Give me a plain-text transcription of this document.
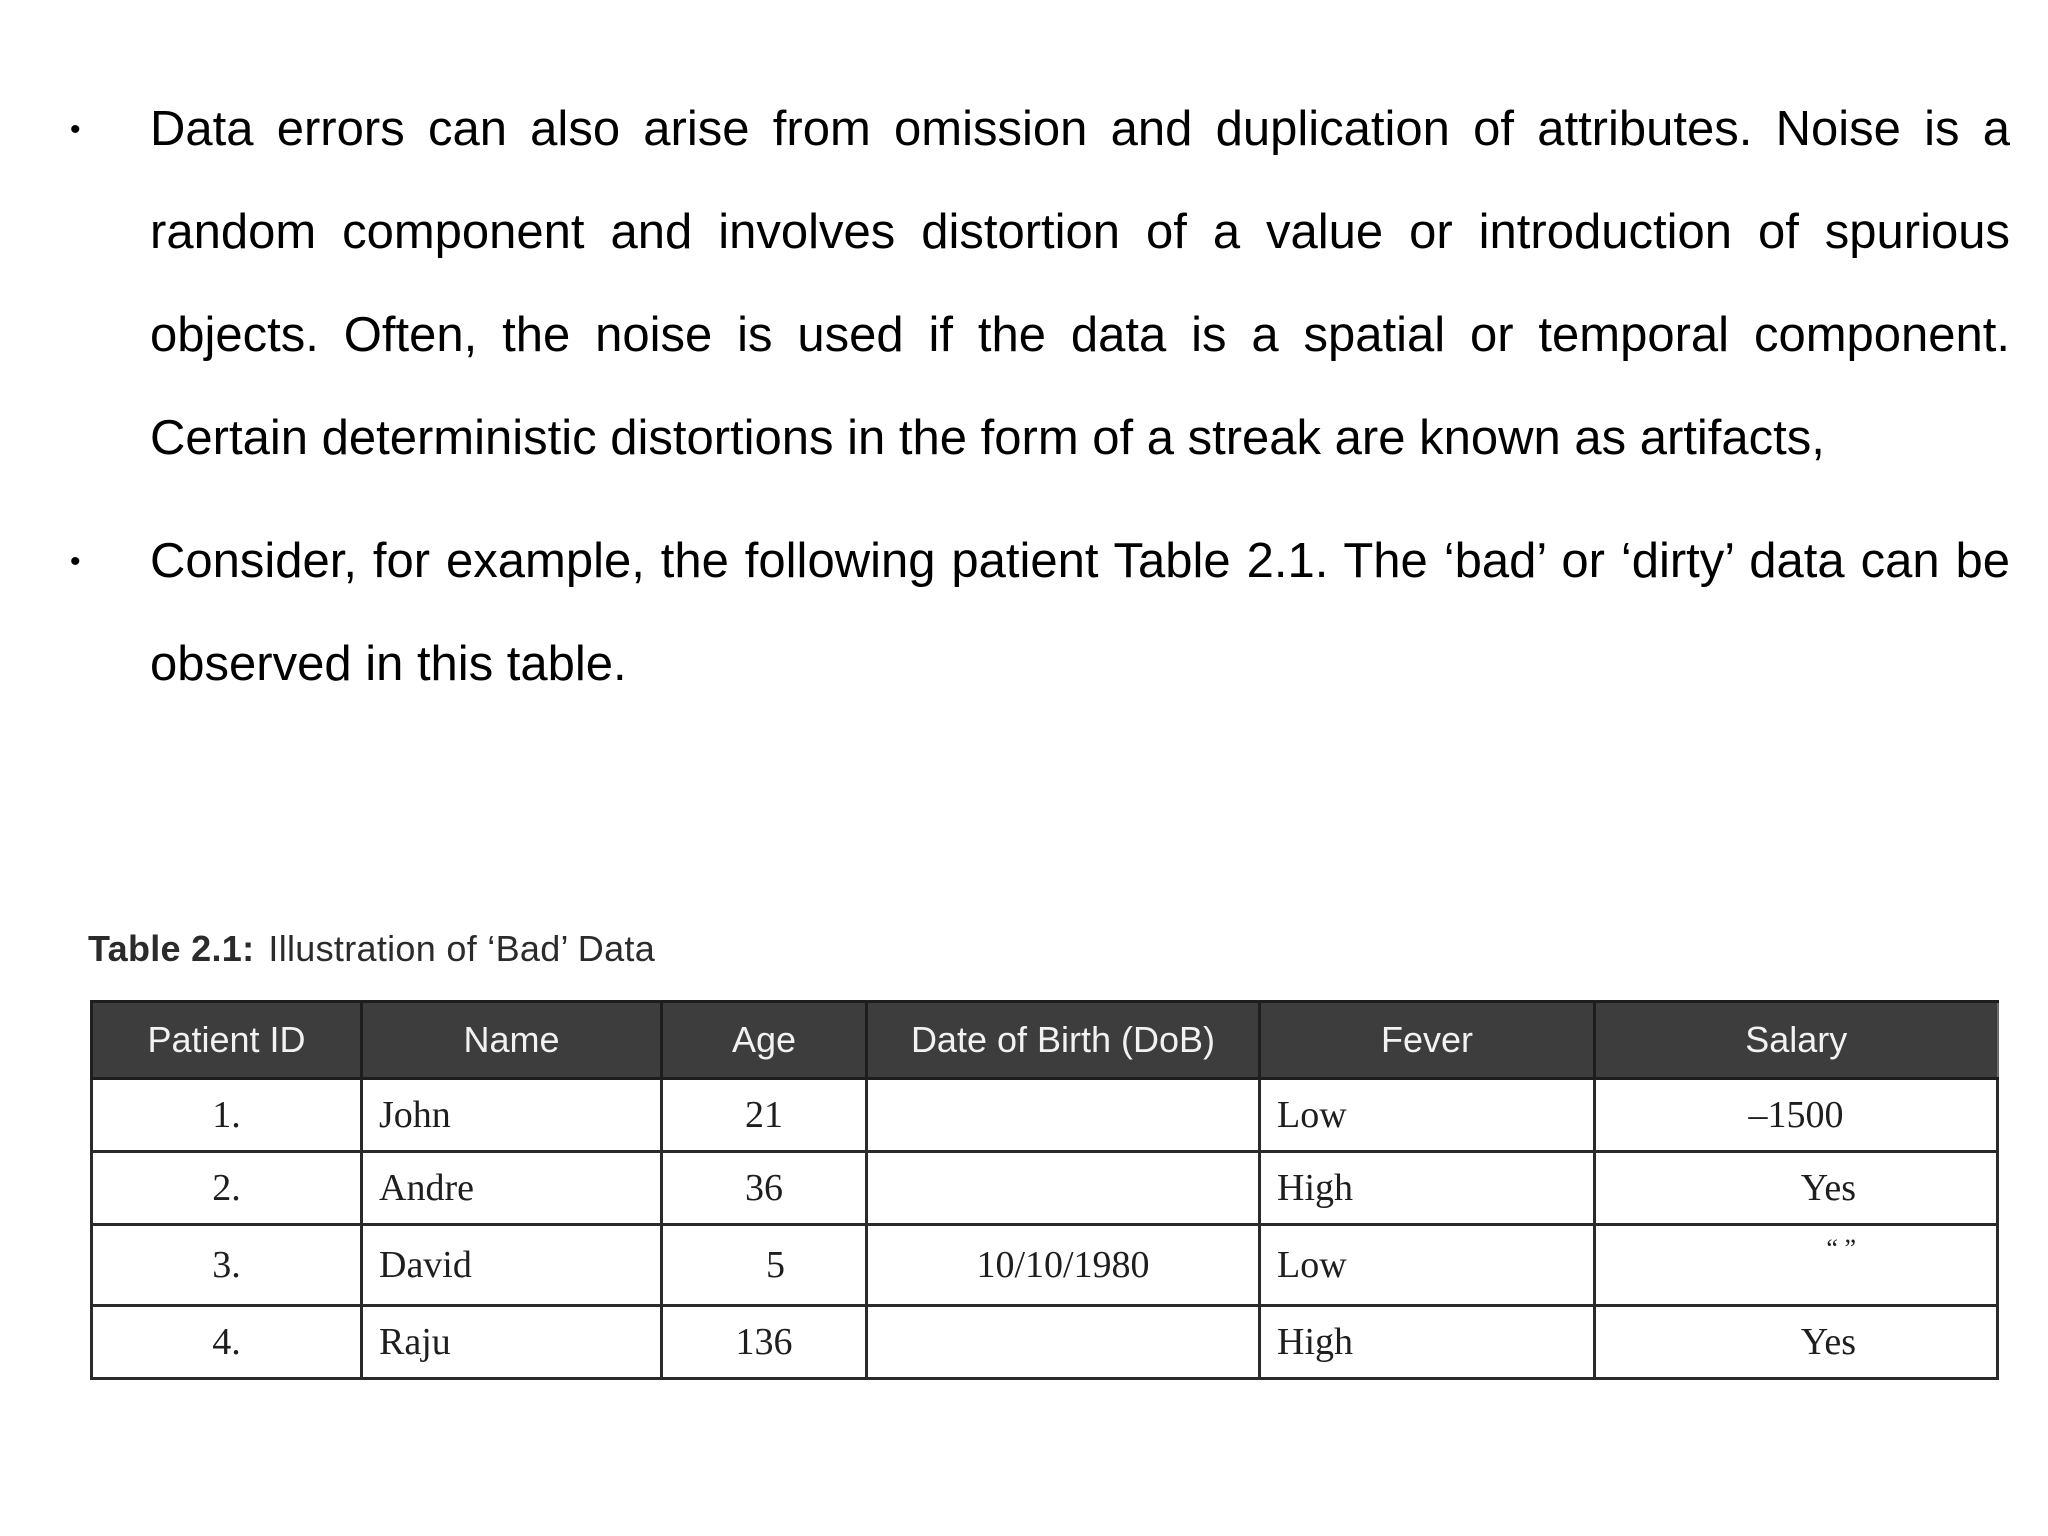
• Data errors can also arise from omission and duplication of attributes. Noise is a random component and involves distortion of a value or introduction of spurious objects. Often, the noise is used if the data is a spatial or temporal component. Certain deterministic distortions in the form of a streak are known as artifacts,
• Consider, for example, the following patient Table 2.1. The ‘bad’ or ‘dirty’ data can be observed in this table.
Table 2.1: Illustration of ‘Bad’ Data
Patient ID	Name	Age	Date of Birth (DoB)	Fever	Salary
1.	John	21		Low	–1500
2.	Andre	36		High	Yes
3.	David	5	10/10/1980	Low	“ ”
4.	Raju	136		High	Yes
